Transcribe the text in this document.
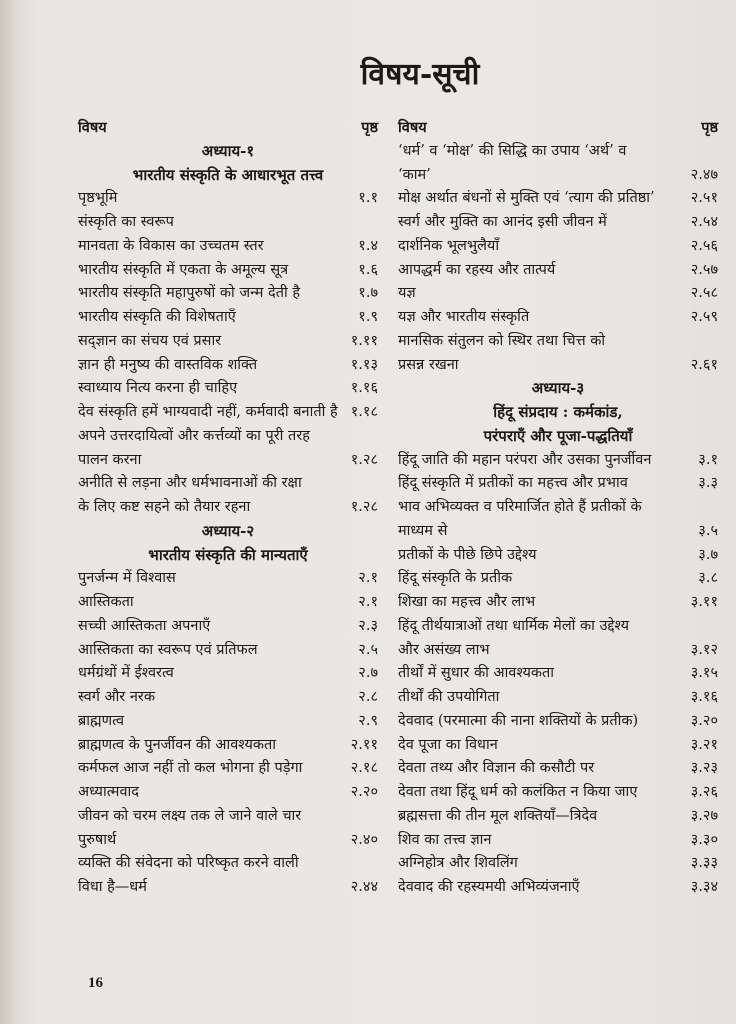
विषय-सूची
विषय	पृष्ठ
अध्याय-१
भारतीय संस्कृति के आधारभूत तत्त्व
पृष्ठभूमि	१.१
संस्कृति का स्वरूप
मानवता के विकास का उच्चतम स्तर	१.४
भारतीय संस्कृति में एकता के अमूल्य सूत्र	१.६
भारतीय संस्कृति महापुरुषों को जन्म देती है	१.७
भारतीय संस्कृति की विशेषताएँ	१.९
सद्ज्ञान का संचय एवं प्रसार	१.११
ज्ञान ही मनुष्य की वास्तविक शक्ति	१.१३
स्वाध्याय नित्य करना ही चाहिए	१.१६
देव संस्कृति हमें भाग्यवादी नहीं, कर्मवादी बनाती है १.१८
अपने उत्तरदायित्वों और कर्त्तव्यों का पूरी तरह
पालन करना	१.२८
अनीति से लड़ना और धर्मभावनाओं की रक्षा
के लिए कष्ट सहने को तैयार रहना	१.२८
अध्याय-२
भारतीय संस्कृति की मान्यताएँ
पुनर्जन्म में विश्वास	२.१
आस्तिकता	२.१
सच्ची आस्तिकता अपनाएँ	२.३
आस्तिकता का स्वरूप एवं प्रतिफल	२.५
धर्मग्रंथों में ईश्वरत्व	२.७
स्वर्ग और नरक	२.८
ब्राह्मणत्व	२.९
ब्राह्मणत्व के पुनर्जीवन की आवश्यकता	२.११
कर्मफल आज नहीं तो कल भोगना ही पड़ेगा	२.१८
अध्यात्मवाद	२.२०
जीवन को चरम लक्ष्य तक ले जाने वाले चार
पुरुषार्थ	२.४०
व्यक्ति की संवेदना को परिष्कृत करने वाली
विधा है—धर्म	२.४४
विषय	पृष्ठ
‘धर्म’ व ‘मोक्ष’ की सिद्धि का उपाय ‘अर्थ’ व
‘काम’	२.४७
मोक्ष अर्थात बंधनों से मुक्ति एवं ‘त्याग की प्रतिष्ठा’ २.५१
स्वर्ग और मुक्ति का आनंद इसी जीवन में	२.५४
दार्शनिक भूलभुलैयाँ	२.५६
आपद्धर्म का रहस्य और तात्पर्य	२.५७
यज्ञ	२.५८
यज्ञ और भारतीय संस्कृति	२.५९
मानसिक संतुलन को स्थिर तथा चित्त को
प्रसन्न रखना	२.६१
अध्याय-३
हिंदू संप्रदाय : कर्मकांड,
परंपराएँ और पूजा-पद्धतियाँ
हिंदू जाति की महान परंपरा और उसका पुनर्जीवन	३.१
हिंदू संस्कृति में प्रतीकों का महत्त्व और प्रभाव	३.३
भाव अभिव्यक्त व परिमार्जित होते हैं प्रतीकों के
माध्यम से	३.५
प्रतीकों के पीछे छिपे उद्देश्य	३.७
हिंदू संस्कृति के प्रतीक	३.८
शिखा का महत्त्व और लाभ	३.११
हिंदू तीर्थयात्राओं तथा धार्मिक मेलों का उद्देश्य
और असंख्य लाभ	३.१२
तीर्थों में सुधार की आवश्यकता	३.१५
तीर्थों की उपयोगिता	३.१६
देववाद (परमात्मा की नाना शक्तियों के प्रतीक)	३.२०
देव पूजा का विधान	३.२१
देवता तथ्य और विज्ञान की कसौटी पर	३.२३
देवता तथा हिंदू धर्म को कलंकित न किया जाए	३.२६
ब्रह्मसत्ता की तीन मूल शक्तियाँ—त्रिदेव	३.२७
शिव का तत्त्व ज्ञान	३.३०
अग्निहोत्र और शिवलिंग	३.३३
देववाद की रहस्यमयी अभिव्यंजनाएँ	३.३४
16
